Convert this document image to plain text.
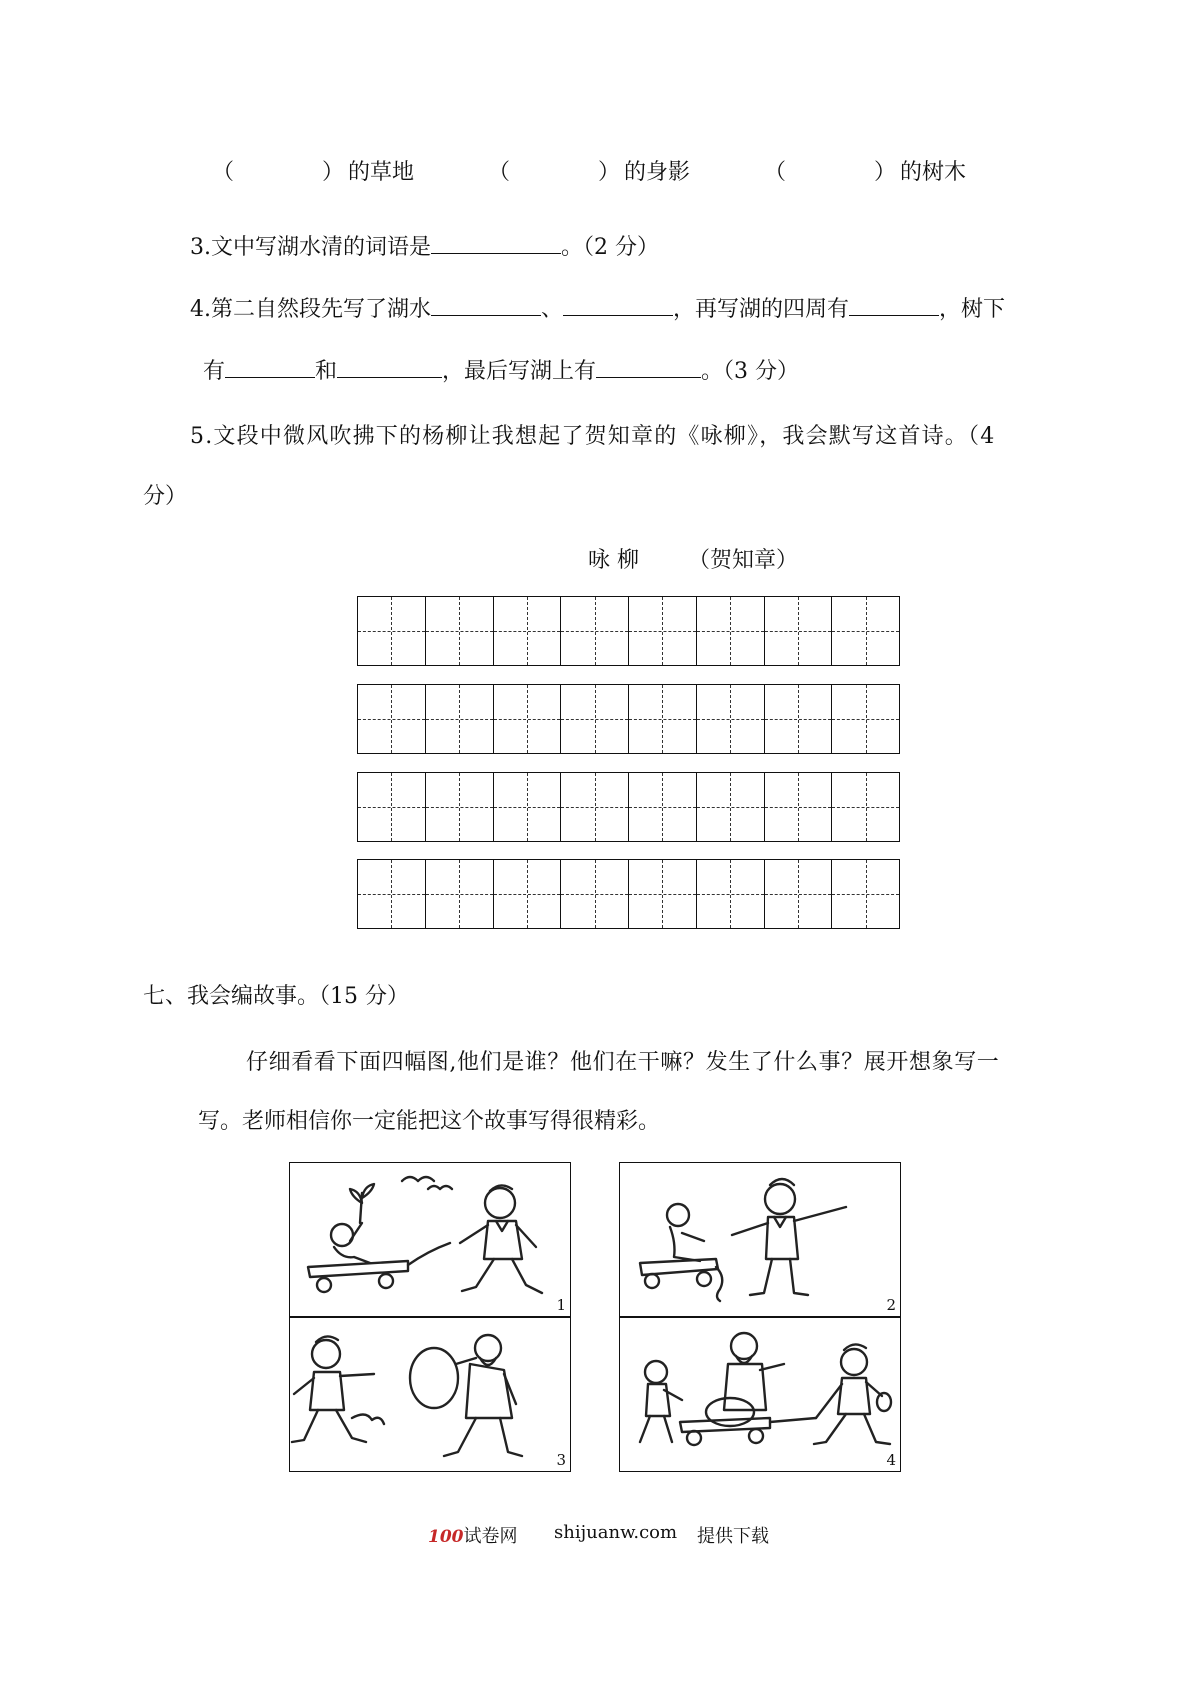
（	） 的草地	（	） 的身影	（	） 的树木
3.文中写湖水清的词语是	。（2 分）
4.第二自然段先写了湖水	、	，再写湖的四周有	，树下
有	和	，最后写湖上有	。（3 分）
5.文段中微风吹拂下的杨柳让我想起了贺知章的《咏柳》，我会默写这首诗。（4
分）
咏 柳 （贺知章）
七、我会编故事。（15 分）
仔细看看下面四幅图,他们是谁？他们在干嘛？发生了什么事？展开想象写一
写。老师相信你一定能把这个故事写得很精彩。
1	2
3	4
100试卷网 shijuanw.com 提供下载
